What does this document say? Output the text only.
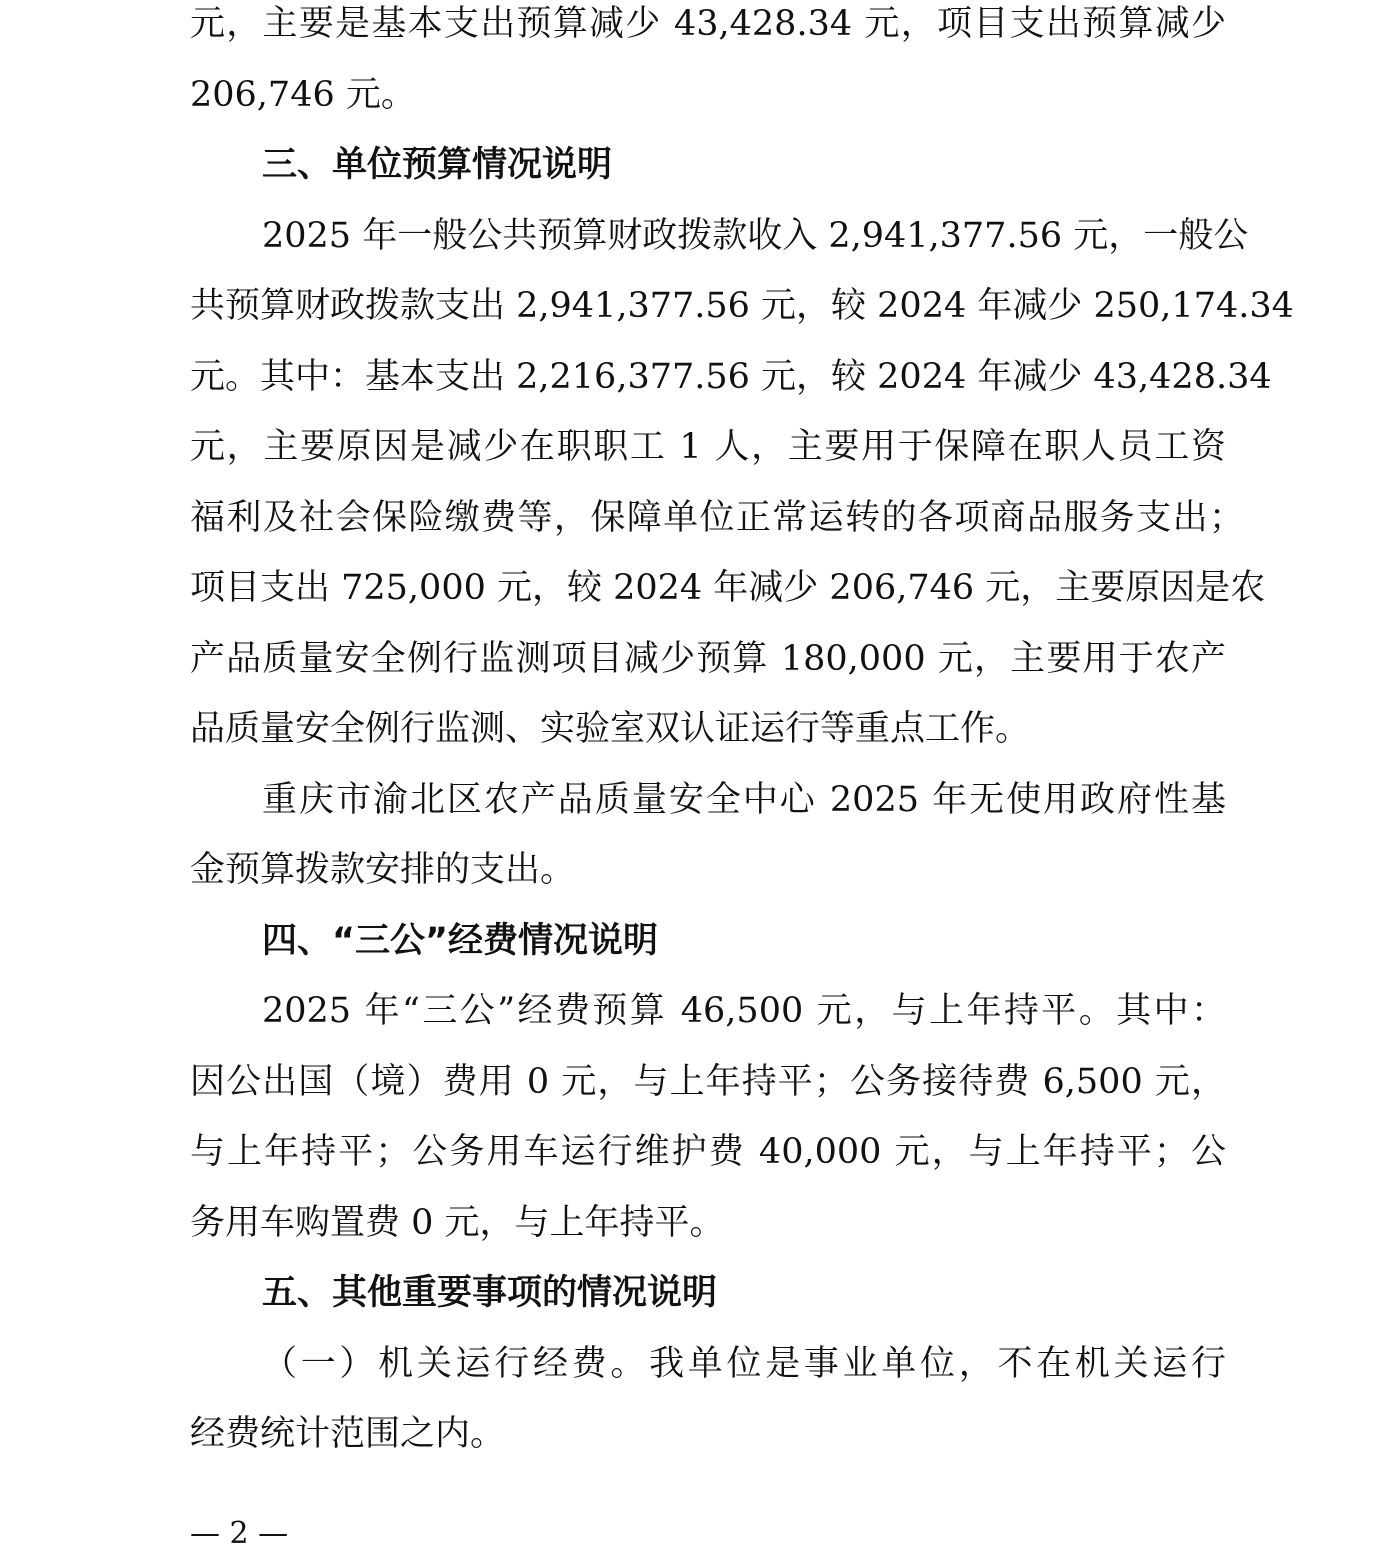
元，主要是基本支出预算减少 43,428.34 元，项目支出预算减少
206,746 元。
三、单位预算情况说明
2025 年一般公共预算财政拨款收入 2,941,377.56 元，一般公
共预算财政拨款支出 2,941,377.56 元，较 2024 年减少 250,174.34
元。其中：基本支出 2,216,377.56 元，较 2024 年减少 43,428.34
元，主要原因是减少在职职工 1 人，主要用于保障在职人员工资
福利及社会保险缴费等，保障单位正常运转的各项商品服务支出；
项目支出 725,000 元，较 2024 年减少 206,746 元，主要原因是农
产品质量安全例行监测项目减少预算 180,000 元，主要用于农产
品质量安全例行监测、实验室双认证运行等重点工作。
重庆市渝北区农产品质量安全中心 2025 年无使用政府性基
金预算拨款安排的支出。
四、“三公”经费情况说明
2025 年“三公”经费预算 46,500 元，与上年持平。其中：
因公出国（境）费用 0 元，与上年持平；公务接待费 6,500 元，
与上年持平；公务用车运行维护费 40,000 元，与上年持平；公
务用车购置费 0 元，与上年持平。
五、其他重要事项的情况说明
（一）机关运行经费。我单位是事业单位，不在机关运行
经费统计范围之内。
— 2 —
